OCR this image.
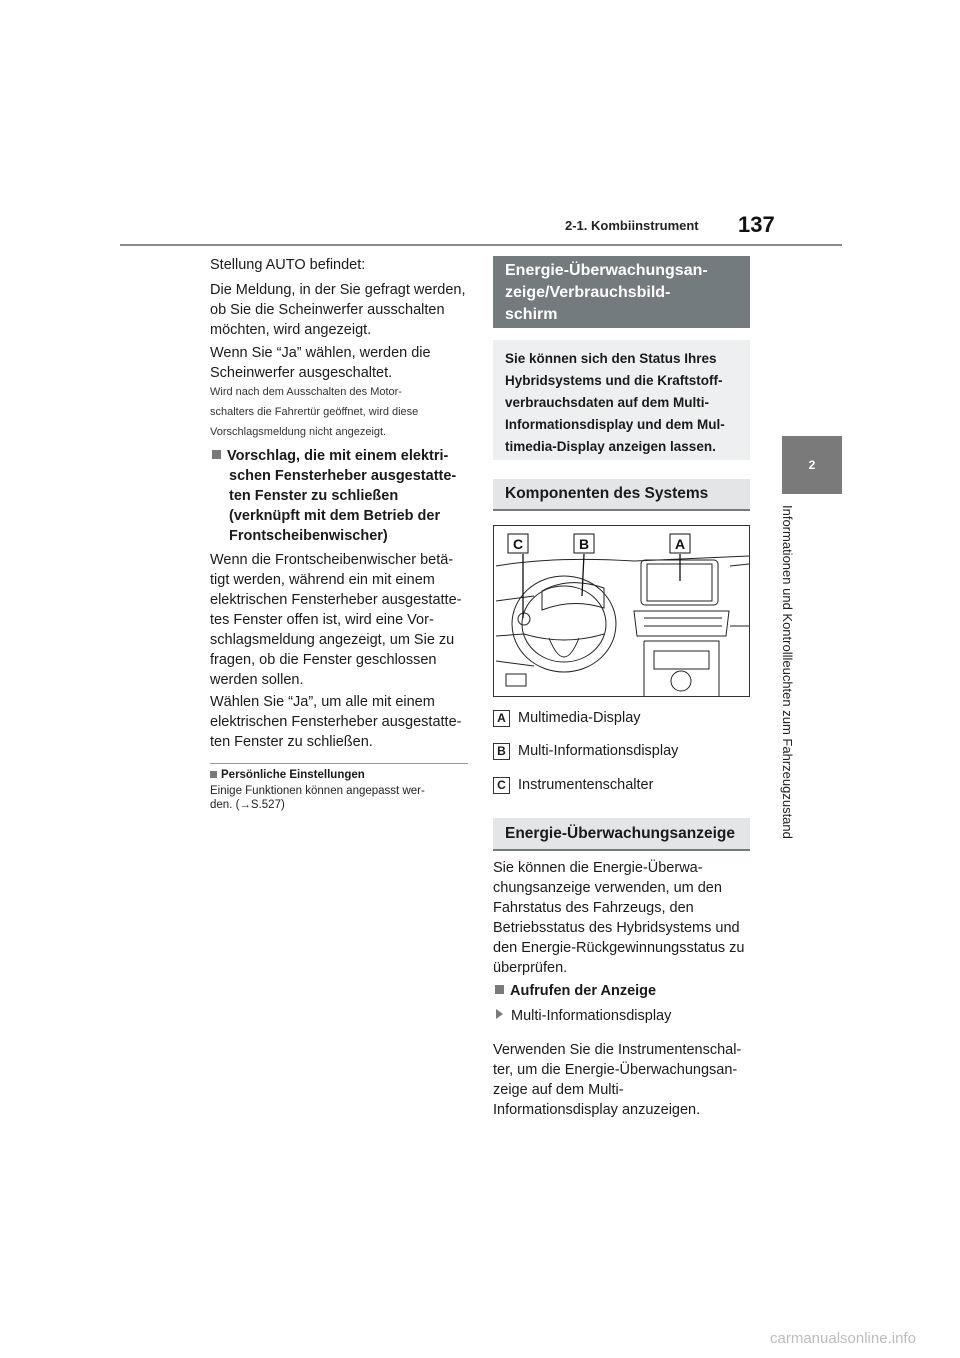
2-1. Kombiinstrument 137
2
Informationen und Kontrollleuchten zum Fahrzeugzustand
Stellung AUTO befindet:
Die Meldung, in der Sie gefragt werden,
ob Sie die Scheinwerfer ausschalten
möchten, wird angezeigt.
Wenn Sie “Ja” wählen, werden die
Scheinwerfer ausgeschaltet.
Wird nach dem Ausschalten des Motor-
schalters die Fahrertür geöffnet, wird diese
Vorschlagsmeldung nicht angezeigt.
Vorschlag, die mit einem elektri-
schen Fensterheber ausgestatte-
ten Fenster zu schließen
(verknüpft mit dem Betrieb der
Frontscheibenwischer)
Wenn die Frontscheibenwischer betä-
tigt werden, während ein mit einem
elektrischen Fensterheber ausgestatte-
tes Fenster offen ist, wird eine Vor-
schlagsmeldung angezeigt, um Sie zu
fragen, ob die Fenster geschlossen
werden sollen.
Wählen Sie “Ja”, um alle mit einem
elektrischen Fensterheber ausgestatte-
ten Fenster zu schließen.
Persönliche Einstellungen
Einige Funktionen können angepasst wer-
den. (→S.527)
Energie-Überwachungsan-
zeige/Verbrauchsbild-
schirm
Sie können sich den Status Ihres
Hybridsystems und die Kraftstoff-
verbrauchsdaten auf dem Multi-
Informationsdisplay und dem Mul-
timedia-Display anzeigen lassen.
Komponenten des Systems
C	B	A
A Multimedia-Display
B Multi-Informationsdisplay
C Instrumentenschalter
Energie-Überwachungsanzeige
Sie können die Energie-Überwa-
chungsanzeige verwenden, um den
Fahrstatus des Fahrzeugs, den
Betriebsstatus des Hybridsystems und
den Energie-Rückgewinnungsstatus zu
überprüfen.
Aufrufen der Anzeige
Multi-Informationsdisplay
Verwenden Sie die Instrumentenschal-
ter, um die Energie-Überwachungsan-
zeige auf dem Multi-
Informationsdisplay anzuzeigen.
carmanualsonline.info
